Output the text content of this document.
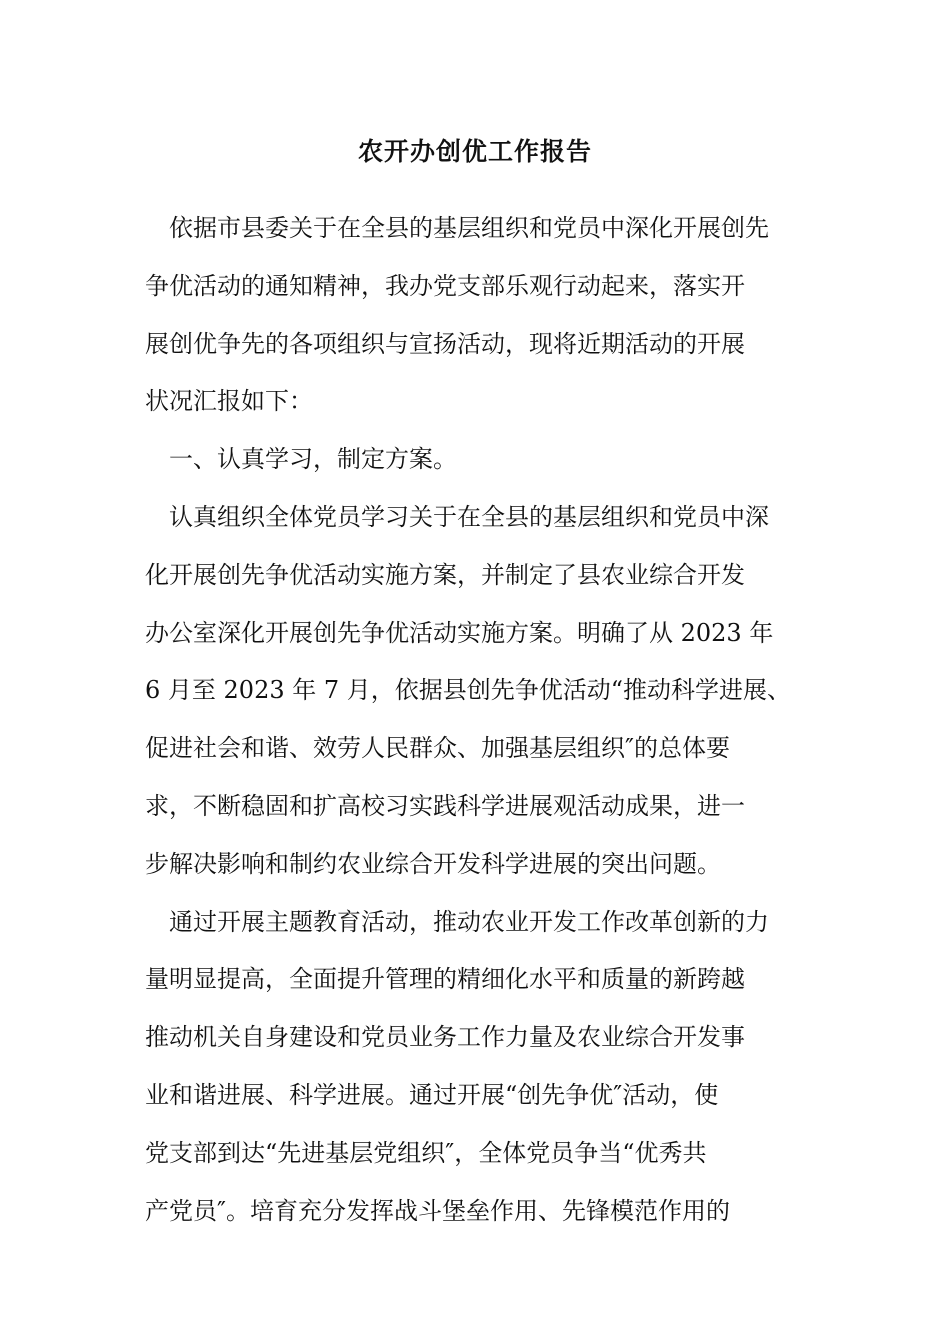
农开办创优工作报告

依据市县委关于在全县的基层组织和党员中深化开展创先
争优活动的通知精神，我办党支部乐观行动起来，落实开
展创优争先的各项组织与宣扬活动，现将近期活动的开展
状况汇报如下：

一、认真学习，制定方案。

认真组织全体党员学习关于在全县的基层组织和党员中深
化开展创先争优活动实施方案，并制定了县农业综合开发
办公室深化开展创先争优活动实施方案。明确了从 2023 年
6 月至 2023 年 7 月，依据县创先争优活动“推动科学进展、
促进社会和谐、效劳人民群众、加强基层组织″的总体要
求，不断稳固和扩高校习实践科学进展观活动成果，进一
步解决影响和制约农业综合开发科学进展的突出问题。

通过开展主题教育活动，推动农业开发工作改革创新的力
量明显提高，全面提升管理的精细化水平和质量的新跨越
推动机关自身建设和党员业务工作力量及农业综合开发事
业和谐进展、科学进展。通过开展“创先争优″活动，使
党支部到达“先进基层党组织″，全体党员争当“优秀共
产党员″。培育充分发挥战斗堡垒作用、先锋模范作用的
